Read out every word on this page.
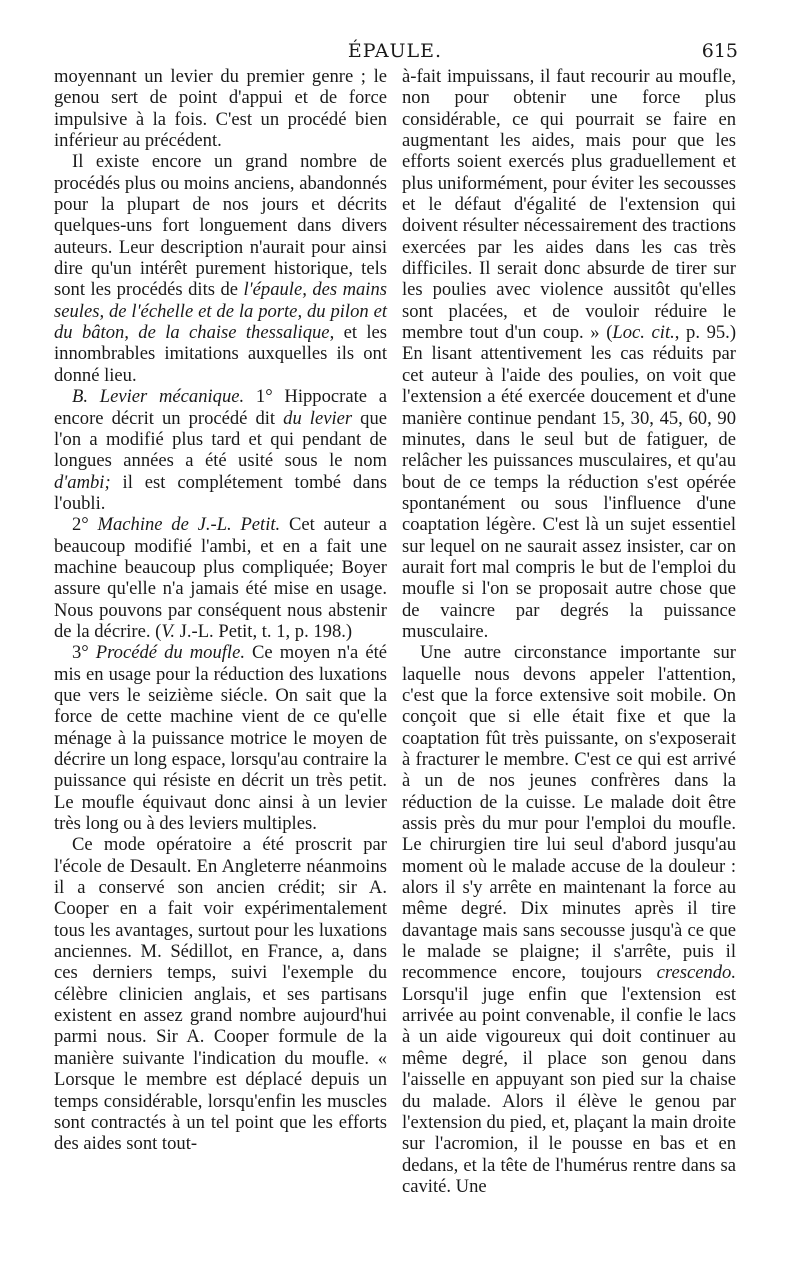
ÉPAULE.	615

moyennant un levier du premier genre ; le genou sert de point d'appui et de force impulsive à la fois. C'est un procédé bien inférieur au précédent.

Il existe encore un grand nombre de procédés plus ou moins anciens, abandonnés pour la plupart de nos jours et décrits quelques-uns fort longuement dans divers auteurs. Leur description n'aurait pour ainsi dire qu'un intérêt purement historique, tels sont les procédés dits de l'épaule, des mains seules, de l'échelle et de la porte, du pilon et du bâton, de la chaise thessalique, et les innombrables imitations auxquelles ils ont donné lieu.

B. Levier mécanique. 1° Hippocrate a encore décrit un procédé dit du levier que l'on a modifié plus tard et qui pendant de longues années a été usité sous le nom d'ambi; il est complétement tombé dans l'oubli.

2° Machine de J.-L. Petit. Cet auteur a beaucoup modifié l'ambi, et en a fait une machine beaucoup plus compliquée; Boyer assure qu'elle n'a jamais été mise en usage. Nous pouvons par conséquent nous abstenir de la décrire. (V. J.-L. Petit, t. 1, p. 198.)

3° Procédé du moufle. Ce moyen n'a été mis en usage pour la réduction des luxations que vers le seizième siécle. On sait que la force de cette machine vient de ce qu'elle ménage à la puissance motrice le moyen de décrire un long espace, lorsqu'au contraire la puissance qui résiste en décrit un très petit. Le moufle équivaut donc ainsi à un levier très long ou à des leviers multiples.

Ce mode opératoire a été proscrit par l'école de Desault. En Angleterre néanmoins il a conservé son ancien crédit; sir A. Cooper en a fait voir expérimentalement tous les avantages, surtout pour les luxations anciennes. M. Sédillot, en France, a, dans ces derniers temps, suivi l'exemple du célèbre clinicien anglais, et ses partisans existent en assez grand nombre aujourd'hui parmi nous. Sir A. Cooper formule de la manière suivante l'indication du moufle. « Lorsque le membre est déplacé depuis un temps considérable, lorsqu'enfin les muscles sont contractés à un tel point que les efforts des aides sont tout-

à-fait impuissans, il faut recourir au moufle, non pour obtenir une force plus considérable, ce qui pourrait se faire en augmentant les aides, mais pour que les efforts soient exercés plus graduellement et plus uniformément, pour éviter les secousses et le défaut d'égalité de l'extension qui doivent résulter nécessairement des tractions exercées par les aides dans les cas très difficiles. Il serait donc absurde de tirer sur les poulies avec violence aussitôt qu'elles sont placées, et de vouloir réduire le membre tout d'un coup. » (Loc. cit., p. 95.) En lisant attentivement les cas réduits par cet auteur à l'aide des poulies, on voit que l'extension a été exercée doucement et d'une manière continue pendant 15, 30, 45, 60, 90 minutes, dans le seul but de fatiguer, de relâcher les puissances musculaires, et qu'au bout de ce temps la réduction s'est opérée spontanément ou sous l'influence d'une coaptation légère. C'est là un sujet essentiel sur lequel on ne saurait assez insister, car on aurait fort mal compris le but de l'emploi du moufle si l'on se proposait autre chose que de vaincre par degrés la puissance musculaire.

Une autre circonstance importante sur laquelle nous devons appeler l'attention, c'est que la force extensive soit mobile. On conçoit que si elle était fixe et que la coaptation fût très puissante, on s'exposerait à fracturer le membre. C'est ce qui est arrivé à un de nos jeunes confrères dans la réduction de la cuisse. Le malade doit être assis près du mur pour l'emploi du moufle. Le chirurgien tire lui seul d'abord jusqu'au moment où le malade accuse de la douleur : alors il s'y arrête en maintenant la force au même degré. Dix minutes après il tire davantage mais sans secousse jusqu'à ce que le malade se plaigne; il s'arrête, puis il recommence encore, toujours crescendo. Lorsqu'il juge enfin que l'extension est arrivée au point convenable, il confie le lacs à un aide vigoureux qui doit continuer au même degré, il place son genou dans l'aisselle en appuyant son pied sur la chaise du malade. Alors il élève le genou par l'extension du pied, et, plaçant la main droite sur l'acromion, il le pousse en bas et en dedans, et la tête de l'humérus rentre dans sa cavité. Une
